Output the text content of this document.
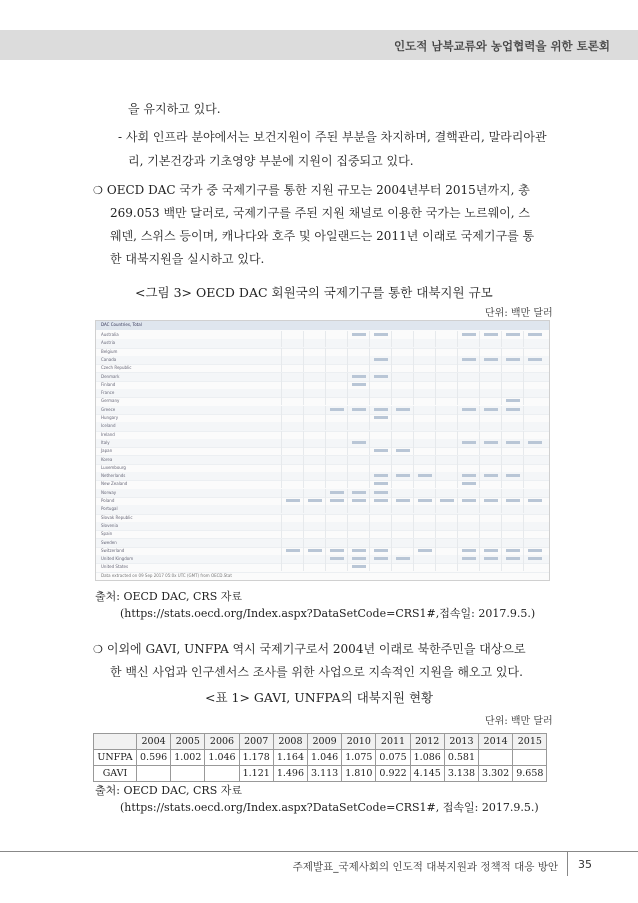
인도적 남북교류와 농업협력을 위한 토론회
을 유지하고 있다.
- 사회 인프라 분야에서는 보건지원이 주된 부분을 차지하며, 결핵관리, 말라리아관
리, 기본건강과 기초영양 부분에 지원이 집중되고 있다.
❍ OECD DAC 국가 중 국제기구를 통한 지원 규모는 2004년부터 2015년까지, 총
269.053 백만 달러로, 국제기구를 주된 지원 채널로 이용한 국가는 노르웨이, 스
웨덴, 스위스 등이며, 캐나다와 호주 및 아일랜드는 2011년 이래로 국제기구를 통
한 대북지원을 실시하고 있다.
<그림 3> OECD DAC 회원국의 국제기구를 통한 대북지원 규모
단위: 백만 달러
DAC Countries, Total
Australia
Austria
Belgium
Canada
Czech Republic
Denmark
Finland
France
Germany
Greece
Hungary
Iceland
Ireland
Italy
Japan
Korea
Luxembourg
Netherlands
New Zealand
Norway
Poland
Portugal
Slovak Republic
Slovenia
Spain
Sweden
Switzerland
United Kingdom
United States
Data extracted on 09 Sep 2017 05:0x UTC (GMT) from OECD.Stat
출처: OECD DAC, CRS 자료
(https://stats.oecd.org/Index.aspx?DataSetCode=CRS1#,접속일: 2017.9.5.)
❍ 이외에 GAVI, UNFPA 역시 국제기구로서 2004년 이래로 북한주민을 대상으로
한 백신 사업과 인구센서스 조사를 위한 사업으로 지속적인 지원을 해오고 있다.
<표 1> GAVI, UNFPA의 대북지원 현황
단위: 백만 달러
	2004	2005	2006	2007	2008	2009	2010	2011	2012	2013	2014	2015
UNFPA	0.596	1.002	1.046	1.178	1.164	1.046	1.075	0.075	1.086	0.581		
GAVI				1.121	1.496	3.113	1.810	0.922	4.145	3.138	3.302	9.658
출처: OECD DAC, CRS 자료
(https://stats.oecd.org/Index.aspx?DataSetCode=CRS1#, 접속일: 2017.9.5.)
주제발표_국제사회의 인도적 대북지원과 정책적 대응 방안 35
